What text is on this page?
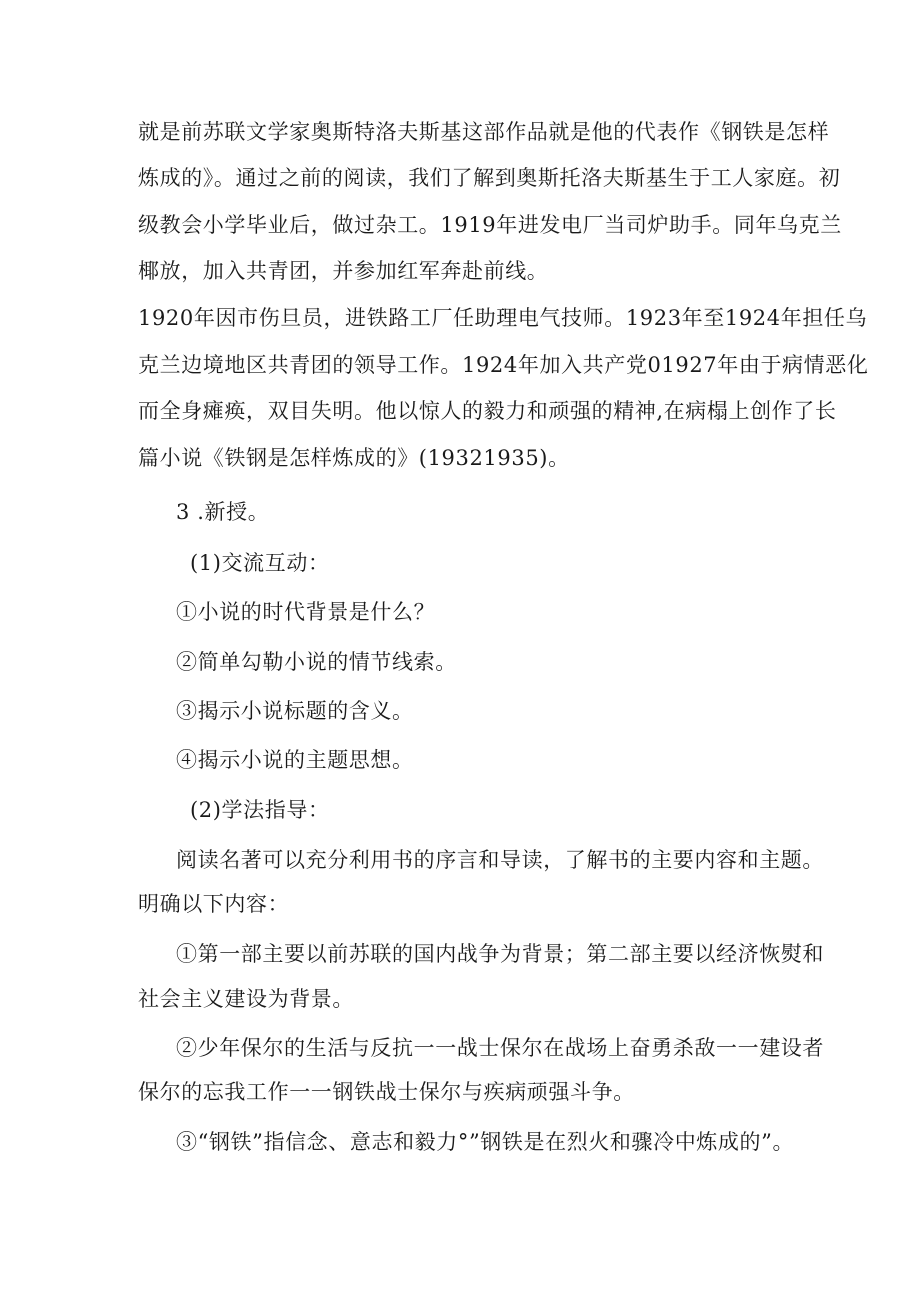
就是前苏联文学家奥斯特洛夫斯基这部作品就是他的代表作《钢铁是怎样
炼成的》。通过之前的阅读，我们了解到奥斯托洛夫斯基生于工人家庭。初
级教会小学毕业后，做过杂工。1919年进发电厂当司炉助手。同年乌克兰
椰放，加入共青团，并参加红军奔赴前线。
1920年因市伤旦员，进铁路工厂任助理电气技师。1923年至1924年担任乌
克兰边境地区共青团的领导工作。1924年加入共产党01927年由于病情恶化
而全身瘫痪，双目失明。他以惊人的毅力和顽强的精神,在病榻上创作了长
篇小说《铁钢是怎样炼成的》(19321935)。
3 .新授。
(1)交流互动：
①小说的时代背景是什么？
②简单勾勒小说的情节线索。
③揭示小说标题的含义。
④揭示小说的主题思想。
(2)学法指导：
阅读名著可以充分利用书的序言和导读，了解书的主要内容和主题。
明确以下内容：
①第一部主要以前苏联的国内战争为背景；第二部主要以经济恢熨和
社会主义建设为背景。
②少年保尔的生活与反抗一一战士保尔在战场上奋勇杀敌一一建设者
保尔的忘我工作一一钢铁战士保尔与疾病顽强斗争。
③“钢铁”指信念、意志和毅力°”钢铁是在烈火和骤冷中炼成的”。
